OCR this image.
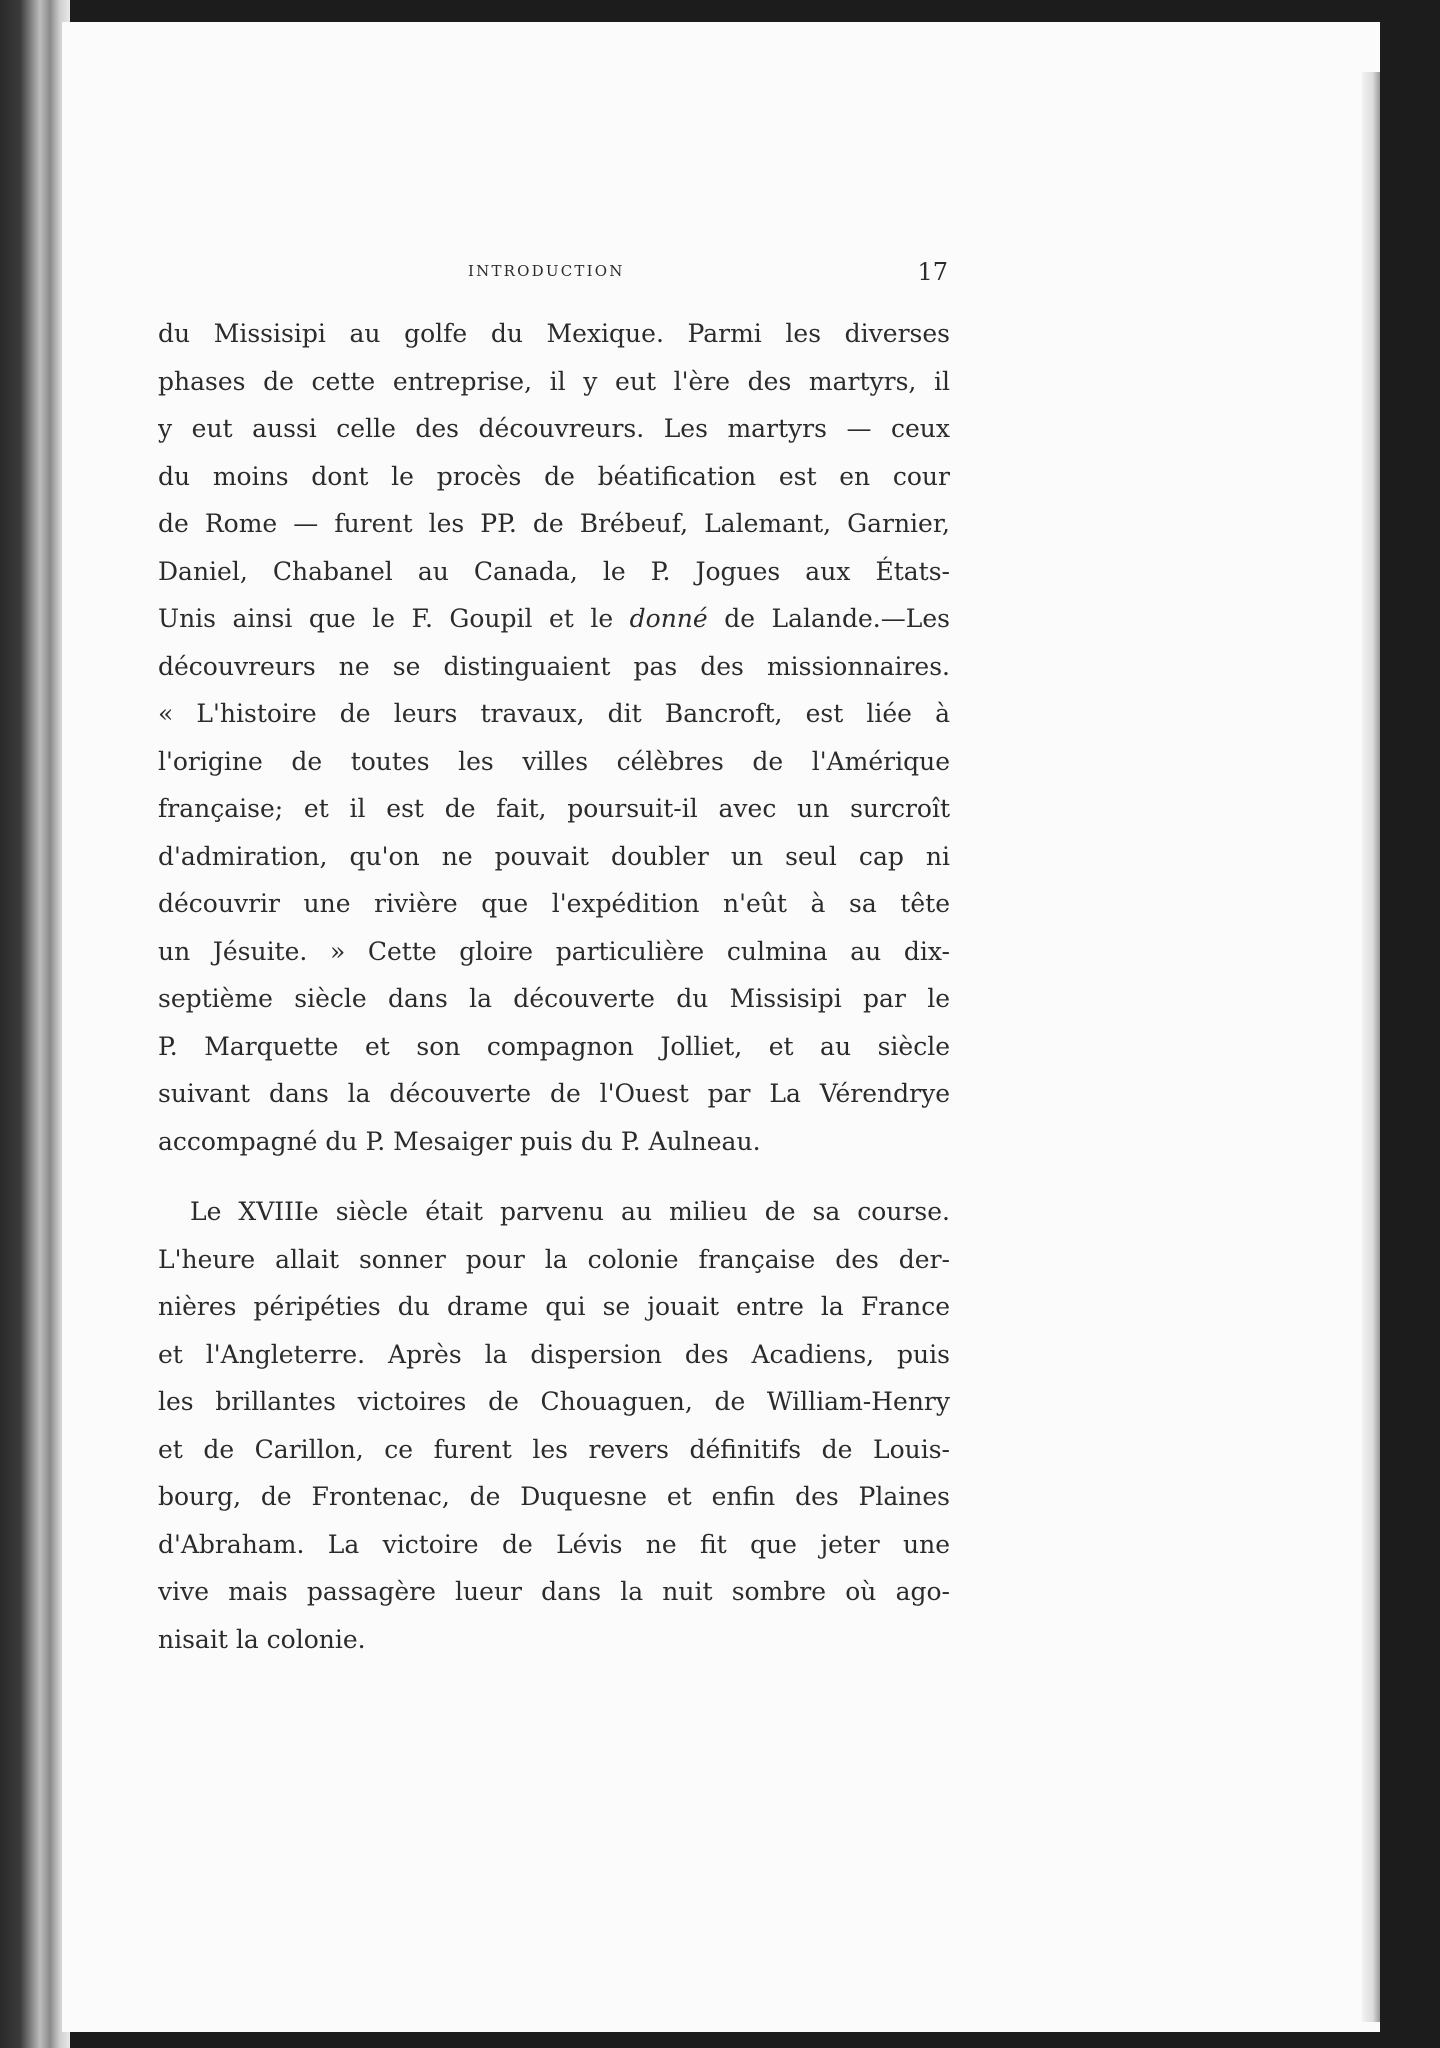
INTRODUCTION	17
du Missisipi au golfe du Mexique. Parmi les diverses
phases de cette entreprise, il y eut l'ère des martyrs, il
y eut aussi celle des découvreurs. Les martyrs — ceux
du moins dont le procès de béatification est en cour
de Rome — furent les PP. de Brébeuf, Lalemant, Garnier,
Daniel, Chabanel au Canada, le P. Jogues aux États-
Unis ainsi que le F. Goupil et le donné de Lalande.—Les
découvreurs ne se distinguaient pas des missionnaires.
« L'histoire de leurs travaux, dit Bancroft, est liée à
l'origine de toutes les villes célèbres de l'Amérique
française; et il est de fait, poursuit-il avec un surcroît
d'admiration, qu'on ne pouvait doubler un seul cap ni
découvrir une rivière que l'expédition n'eût à sa tête
un Jésuite. » Cette gloire particulière culmina au dix-
septième siècle dans la découverte du Missisipi par le
P. Marquette et son compagnon Jolliet, et au siècle
suivant dans la découverte de l'Ouest par La Vérendrye
accompagné du P. Mesaiger puis du P. Aulneau.
Le XVIIIe siècle était parvenu au milieu de sa course.
L'heure allait sonner pour la colonie française des der-
nières péripéties du drame qui se jouait entre la France
et l'Angleterre. Après la dispersion des Acadiens, puis
les brillantes victoires de Chouaguen, de William-Henry
et de Carillon, ce furent les revers définitifs de Louis-
bourg, de Frontenac, de Duquesne et enfin des Plaines
d'Abraham. La victoire de Lévis ne fit que jeter une
vive mais passagère lueur dans la nuit sombre où ago-
nisait la colonie.
